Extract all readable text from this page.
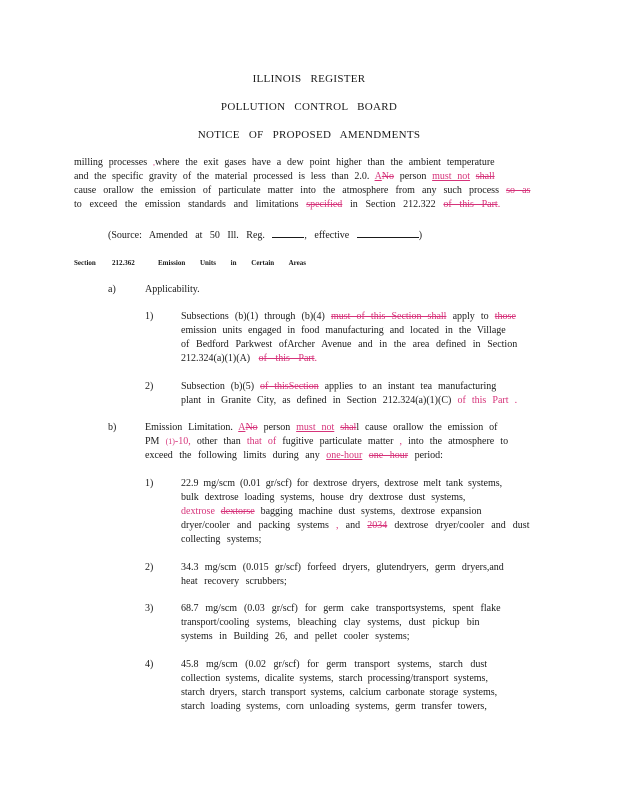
ILLINOIS REGISTER
POLLUTION CONTROL BOARD
NOTICE OF PROPOSED AMENDMENTS
milling processes ,where the exit gases have a dew point higher than the ambient temperature
and the specific gravity of the material processed is less than 2.0. ANo person must not shall
cause orallow the emission of particulate matter into the atmosphere from any such process so as
to exceed the emission standards and limitations specified in Section 212.322 of this Part.
(Source: Amended at 50 Ill. Reg.	, effective	)
Section 212.362	Emission Units in Certain Areas
a)	Applicability.
1)	Subsections (b)(1) through (b)(4) must of this Section shall apply to those
emission units engaged in food manufacturing and located in the Village
of Bedford Parkwest ofArcher Avenue and in the area defined in Section
212.324(a)(1)(A) of this Part.
2)	Subsection (b)(5) of thisSection applies to an instant tea manufacturing
plant in Granite City, as defined in Section 212.324(a)(1)(C) of this Part .
b)	Emission Limitation. ANo person must not shall cause orallow the emission of
PM (1)-10, other than that of fugitive particulate matter , into the atmosphere to
exceed the following limits during any one-hour one hour period:
1)	22.9 mg/scm (0.01 gr/scf) for dextrose dryers, dextrose melt tank systems,
bulk dextrose loading systems, house dry dextrose dust systems,
dextrose dextorse bagging machine dust systems, dextrose expansion
dryer/cooler and packing systems , and 2034 dextrose dryer/cooler and dust
collecting systems;
2)	34.3 mg/scm (0.015 gr/scf) forfeed dryers, glutendryers, germ dryers,and
heat recovery scrubbers;
3)	68.7 mg/scm (0.03 gr/scf) for germ cake transportsystems, spent flake
transport/cooling systems, bleaching clay systems, dust pickup bin
systems in Building 26, and pellet cooler systems;
4)	45.8 mg/scm (0.02 gr/scf) for germ transport systems, starch dust
collection systems, dicalite systems, starch processing/transport systems,
starch dryers, starch transport systems, calcium carbonate storage systems,
starch loading systems, corn unloading systems, germ transfer towers,
